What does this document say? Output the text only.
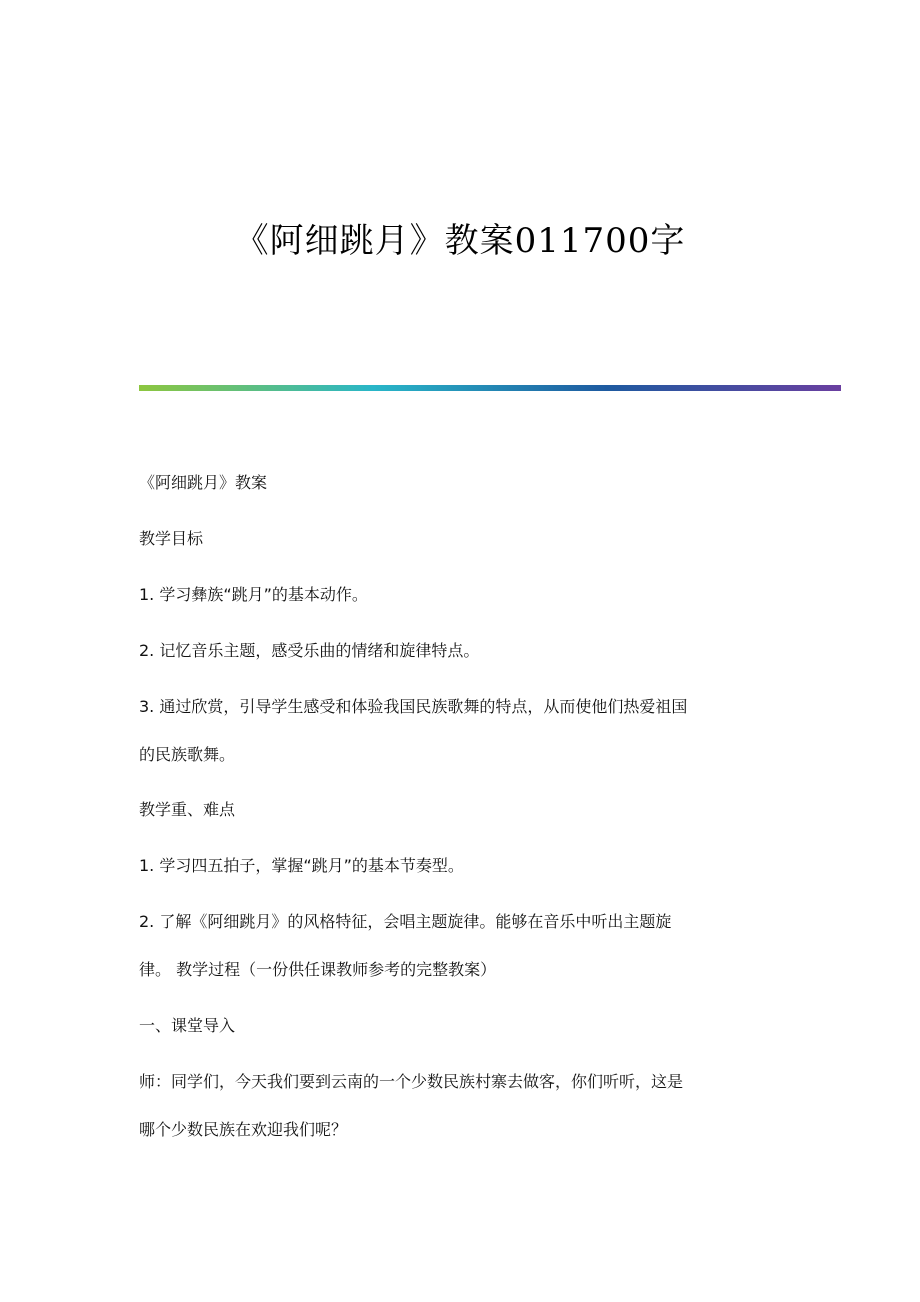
《阿细跳月》教案011700字
《阿细跳月》教案
教学目标
1. 学习彝族“跳月”的基本动作。
2. 记忆音乐主题，感受乐曲的情绪和旋律特点。
3. 通过欣赏，引导学生感受和体验我国民族歌舞的特点，从而使他们热爱祖国
的民族歌舞。
教学重、难点
1. 学习四五拍子，掌握“跳月”的基本节奏型。
2. 了解《阿细跳月》的风格特征，会唱主题旋律。能够在音乐中听出主题旋
律。 教学过程（一份供任课教师参考的完整教案）
一、课堂导入
师：同学们，今天我们要到云南的一个少数民族村寨去做客，你们听听，这是
哪个少数民族在欢迎我们呢？
